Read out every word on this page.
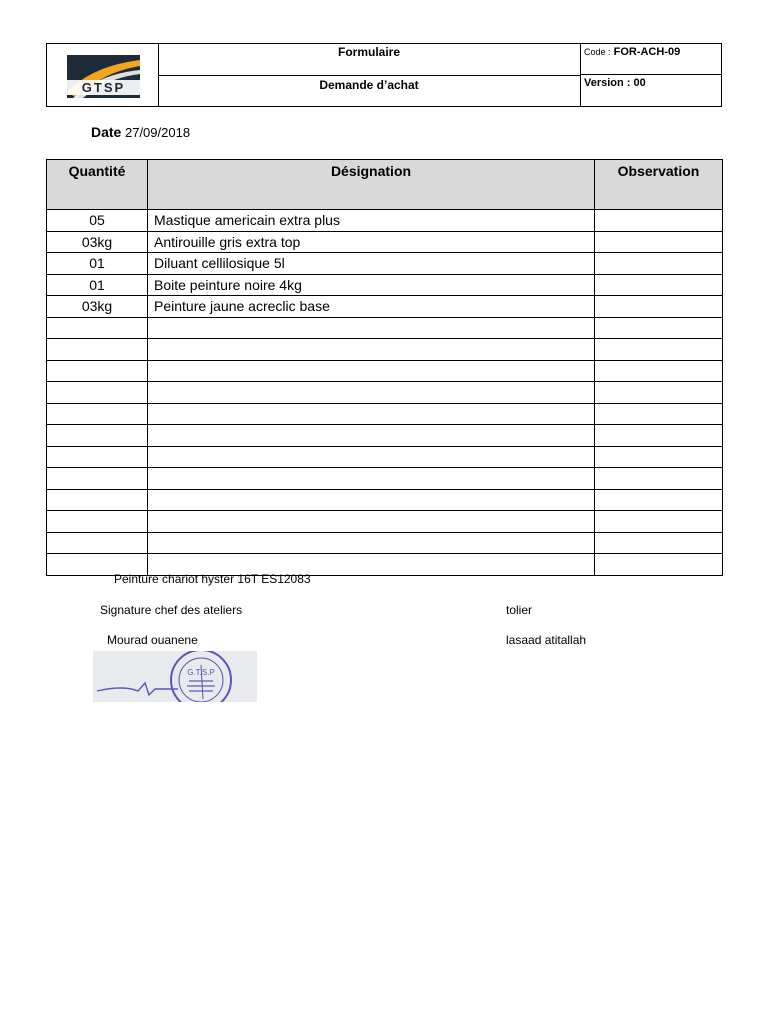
GTSP
Formulaire
Demande d’achat
Code : FOR-ACH-09
Version : 00
Date 27/09/2018
Quantité	Désignation	Observation
05	Mastique americain extra plus	
03kg	Antirouille gris extra top	
01	Diluant cellilosique 5l	
01	Boite peinture noire 4kg	
03kg	Peinture jaune acreclic base	

Peinture chariot hyster 16T ES12083
Signature chef des ateliers	tolier
Mourad ouanene	lasaad atitallah
G.T.S.P
